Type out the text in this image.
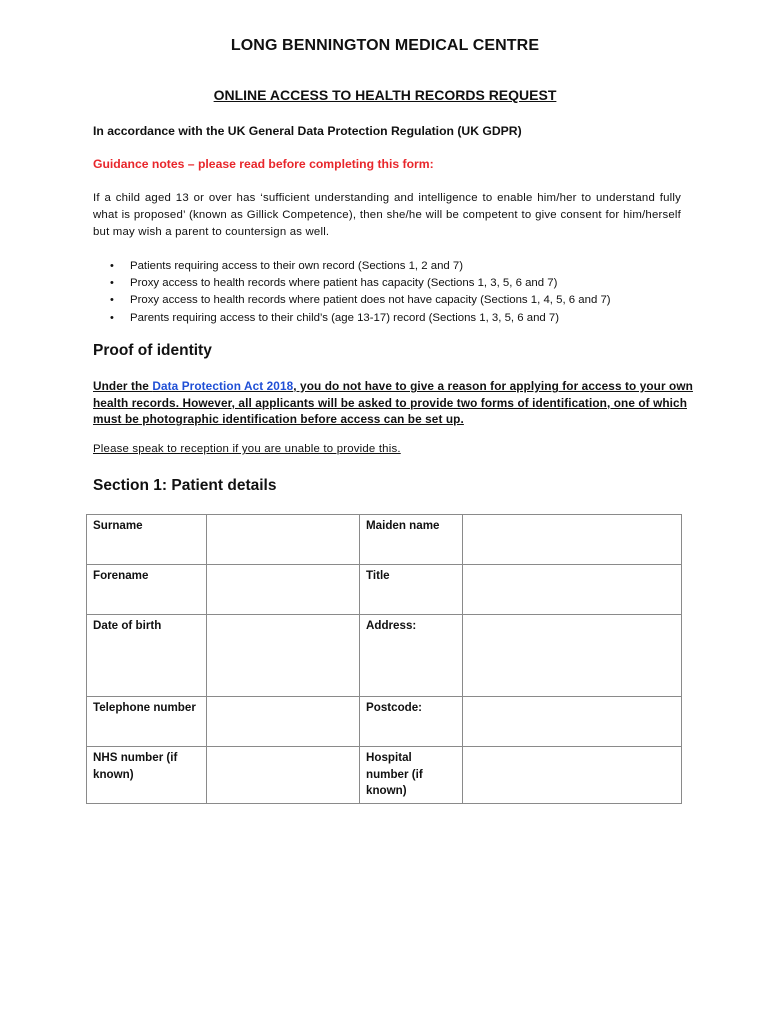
LONG BENNINGTON MEDICAL CENTRE
ONLINE ACCESS TO HEALTH RECORDS REQUEST
In accordance with the UK General Data Protection Regulation (UK GDPR)
Guidance notes – please read before completing this form:
If a child aged 13 or over has ‘sufficient understanding and intelligence to enable him/her to understand fully what is proposed’ (known as Gillick Competence), then she/he will be competent to give consent for him/herself but may wish a parent to countersign as well.
• Patients requiring access to their own record (Sections 1, 2 and 7)
• Proxy access to health records where patient has capacity (Sections 1, 3, 5, 6 and 7)
• Proxy access to health records where patient does not have capacity (Sections 1, 4, 5, 6 and 7)
• Parents requiring access to their child’s (age 13-17) record (Sections 1, 3, 5, 6 and 7)
Proof of identity
Under the Data Protection Act 2018, you do not have to give a reason for applying for access to your own health records. However, all applicants will be asked to provide two forms of identification, one of which must be photographic identification before access can be set up.
Please speak to reception if you are unable to provide this.
Section 1: Patient details
Surname		Maiden name	
Forename		Title	
Date of birth		Address:	
Telephone number		Postcode:	
NHS number (if known)		Hospital number (if known)	
